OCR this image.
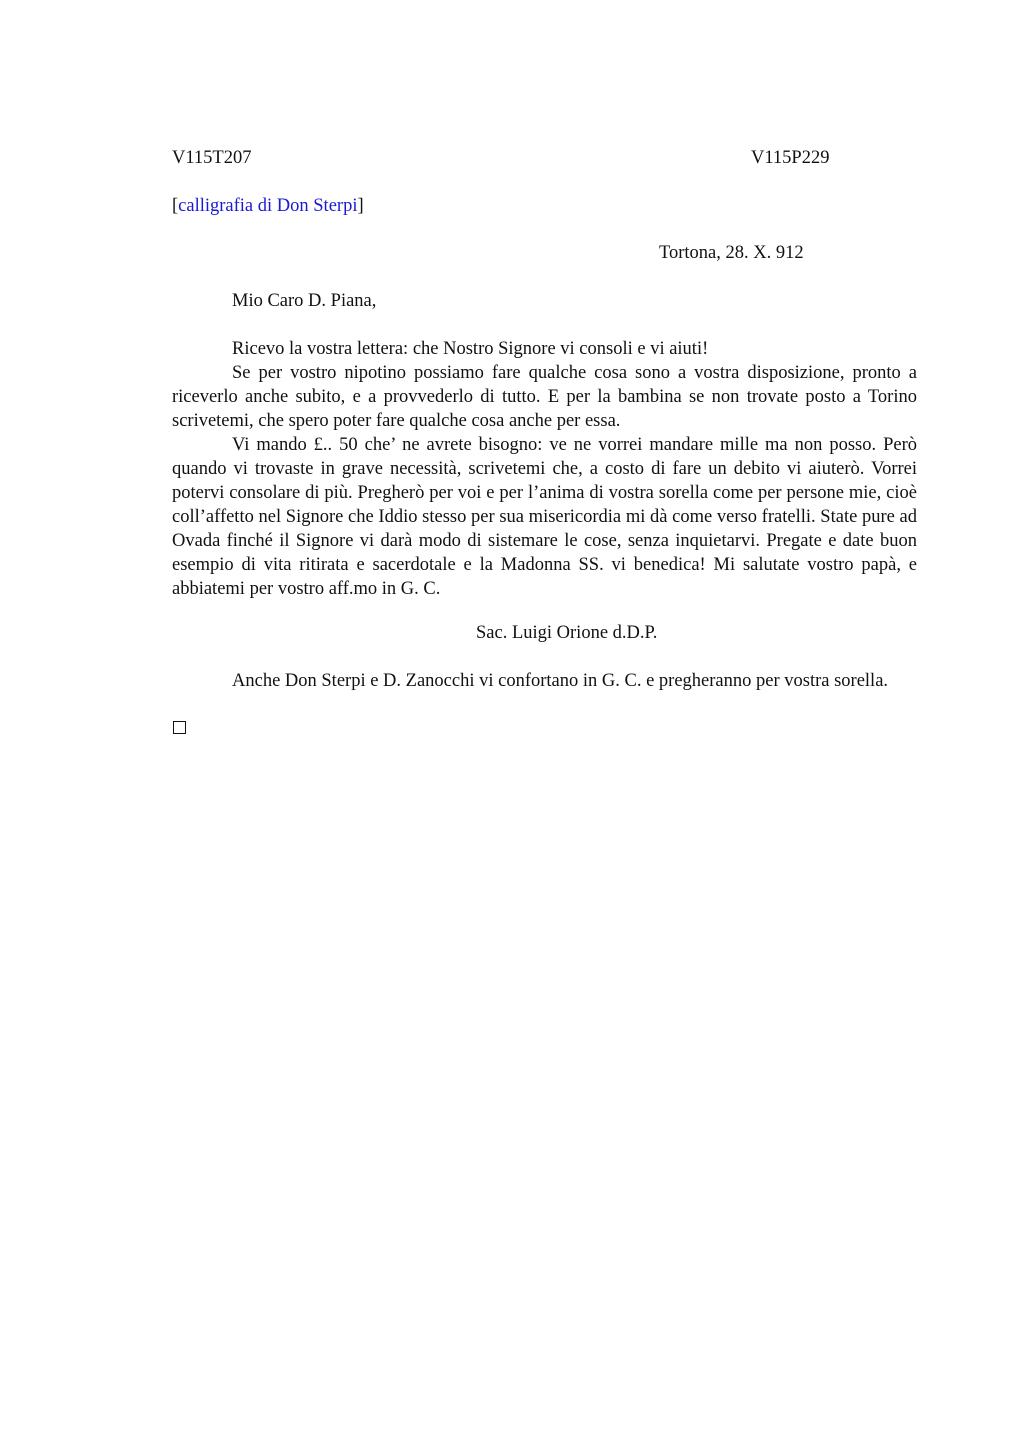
V115T207	V115P229
[calligrafia di Don Sterpi]
Tortona, 28. X. 912
Mio Caro D. Piana,

Ricevo la vostra lettera: che Nostro Signore vi consoli e vi aiuti!

Se per vostro nipotino possiamo fare qualche cosa sono a vostra disposizione, pronto a riceverlo anche subito, e a provvederlo di tutto. E per la bambina se non trovate posto a Torino scrivetemi, che spero poter fare qualche cosa anche per essa.

Vi mando £.. 50 che’ ne avrete bisogno: ve ne vorrei mandare mille ma non posso. Però quando vi trovaste in grave necessità, scrivetemi che, a costo di fare un debito vi aiuterò. Vorrei potervi consolare di più. Pregherò per voi e per l’anima di vostra sorella come per persone mie, cioè coll’affetto nel Signore che Iddio stesso per sua misericordia mi dà come verso fratelli. State pure ad Ovada finché il Signore vi darà modo di sistemare le cose, senza inquietarvi. Pregate e date buon esempio di vita ritirata e sacerdotale e la Madonna SS. vi benedica! Mi salutate vostro papà, e abbiatemi per vostro aff.mo in G. C.

Sac. Luigi Orione d.D.P.

Anche Don Sterpi e D. Zanocchi vi confortano in G. C. e pregheranno per vostra sorella.
